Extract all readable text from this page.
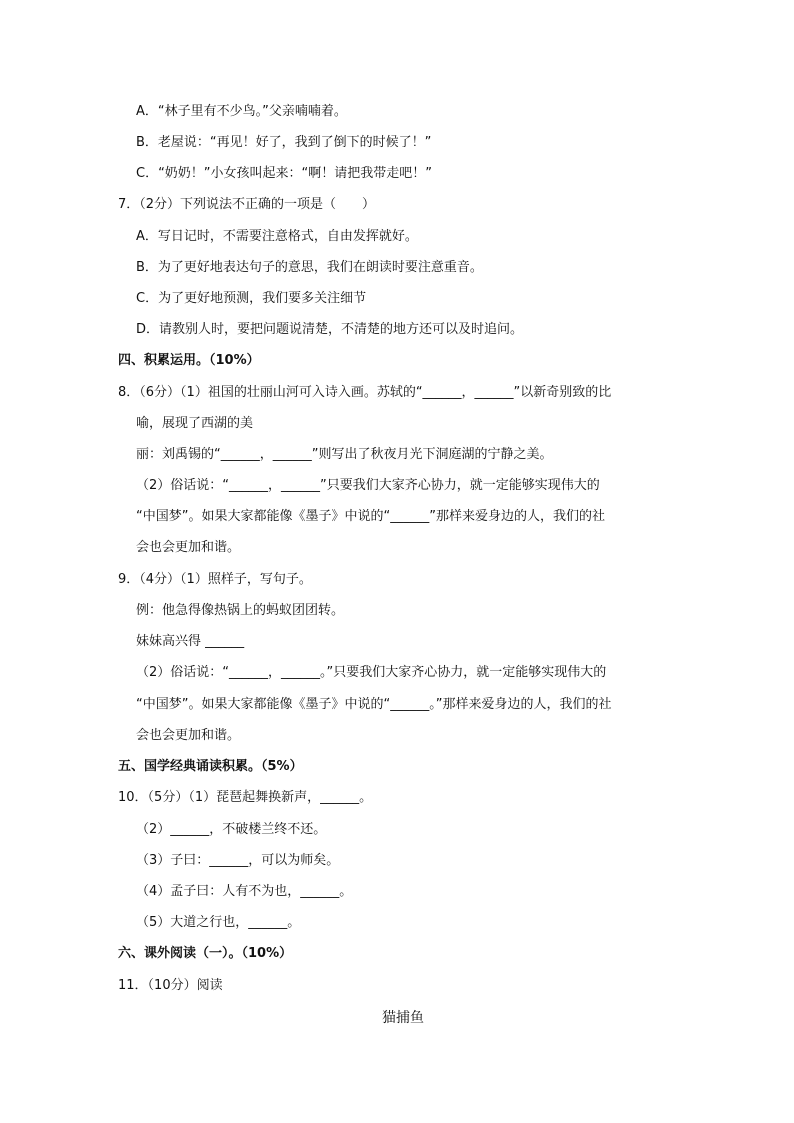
A．“林子里有不少鸟。”父亲喃喃着。
B．老屋说：“再见！好了，我到了倒下的时候了！”
C．“奶奶！”小女孩叫起来：“啊！请把我带走吧！”
7．（2分）下列说法不正确的一项是（　　）
A．写日记时，不需要注意格式，自由发挥就好。
B．为了更好地表达句子的意思，我们在朗读时要注意重音。
C．为了更好地预测，我们要多关注细节
D．请教别人时，要把问题说清楚，不清楚的地方还可以及时追问。
四、积累运用。（10%）
8．（6分）（1）祖国的壮丽山河可入诗入画。苏轼的“______，______”以新奇别致的比
喻，展现了西湖的美
丽：刘禹锡的“______，______”则写出了秋夜月光下洞庭湖的宁静之美。
（2）俗话说：“______，______”只要我们大家齐心协力，就一定能够实现伟大的
“中国梦”。如果大家都能像《墨子》中说的“______”那样来爱身边的人，我们的社
会也会更加和谐。
9．（4分）（1）照样子，写句子。
例：他急得像热锅上的蚂蚁团团转。
妹妹高兴得 ______
（2）俗话说：“______，______。”只要我们大家齐心协力，就一定能够实现伟大的
“中国梦”。如果大家都能像《墨子》中说的“______。”那样来爱身边的人，我们的社
会也会更加和谐。
五、国学经典诵读积累。（5%）
10．（5分）（1）琵琶起舞换新声，______。
（2）______，不破楼兰终不还。
（3）子曰：______，可以为师矣。
（4）孟子曰：人有不为也，______。
（5）大道之行也，______。
六、课外阅读（一）。（10%）
11．（10分）阅读
猫捕鱼
